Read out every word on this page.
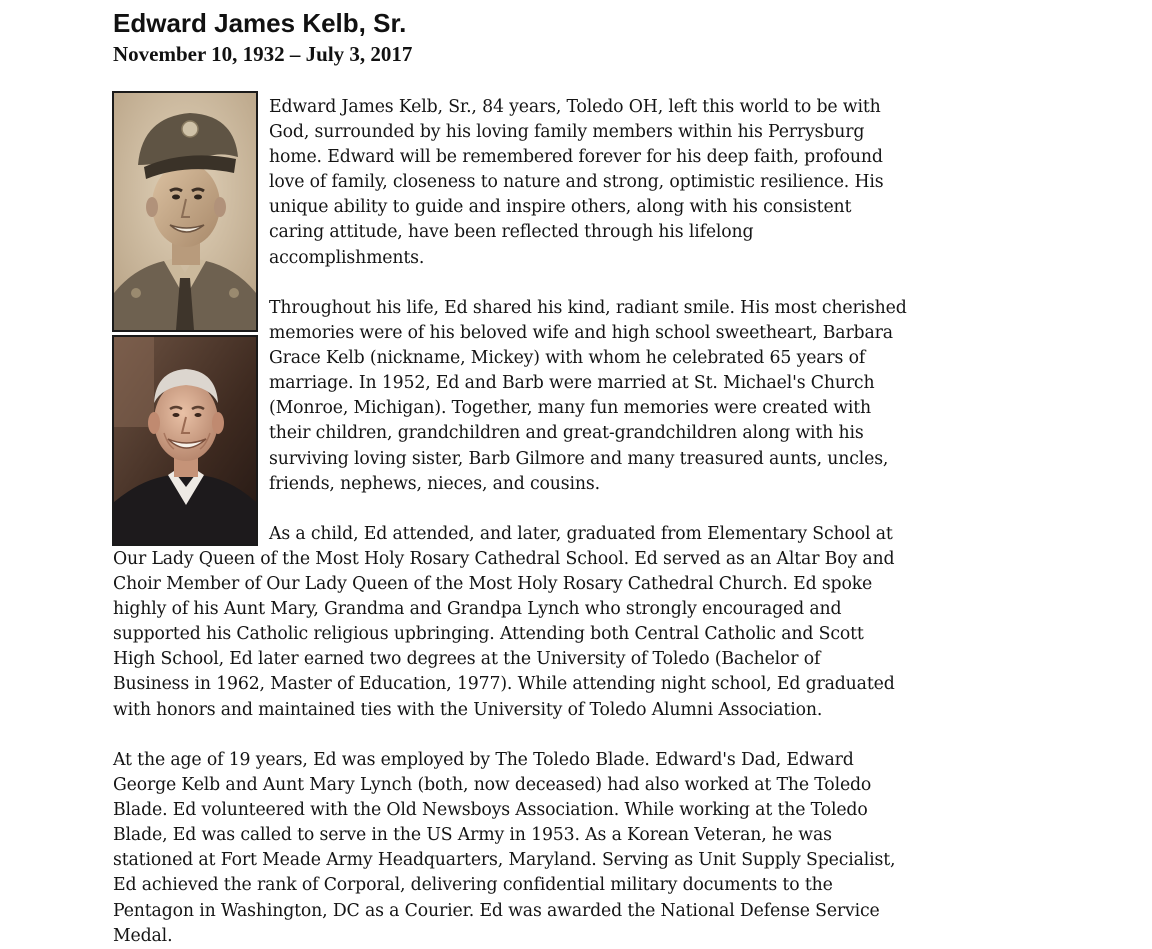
Edward James Kelb, Sr.
November 10, 1932 – July 3, 2017
Edward James Kelb, Sr., 84 years, Toledo OH, left this world to be with
God, surrounded by his loving family members within his Perrysburg
home. Edward will be remembered forever for his deep faith, profound
love of family, closeness to nature and strong, optimistic resilience. His
unique ability to guide and inspire others, along with his consistent
caring attitude, have been reflected through his lifelong
accomplishments.
Throughout his life, Ed shared his kind, radiant smile. His most cherished
memories were of his beloved wife and high school sweetheart, Barbara
Grace Kelb (nickname, Mickey) with whom he celebrated 65 years of
marriage. In 1952, Ed and Barb were married at St. Michael's Church
(Monroe, Michigan). Together, many fun memories were created with
their children, grandchildren and great-grandchildren along with his
surviving loving sister, Barb Gilmore and many treasured aunts, uncles,
friends, nephews, nieces, and cousins.
As a child, Ed attended, and later, graduated from Elementary School at
Our Lady Queen of the Most Holy Rosary Cathedral School. Ed served as an Altar Boy and
Choir Member of Our Lady Queen of the Most Holy Rosary Cathedral Church. Ed spoke
highly of his Aunt Mary, Grandma and Grandpa Lynch who strongly encouraged and
supported his Catholic religious upbringing. Attending both Central Catholic and Scott
High School, Ed later earned two degrees at the University of Toledo (Bachelor of
Business in 1962, Master of Education, 1977). While attending night school, Ed graduated
with honors and maintained ties with the University of Toledo Alumni Association.
At the age of 19 years, Ed was employed by The Toledo Blade. Edward's Dad, Edward
George Kelb and Aunt Mary Lynch (both, now deceased) had also worked at The Toledo
Blade. Ed volunteered with the Old Newsboys Association. While working at the Toledo
Blade, Ed was called to serve in the US Army in 1953. As a Korean Veteran, he was
stationed at Fort Meade Army Headquarters, Maryland. Serving as Unit Supply Specialist,
Ed achieved the rank of Corporal, delivering confidential military documents to the
Pentagon in Washington, DC as a Courier. Ed was awarded the National Defense Service
Medal.
